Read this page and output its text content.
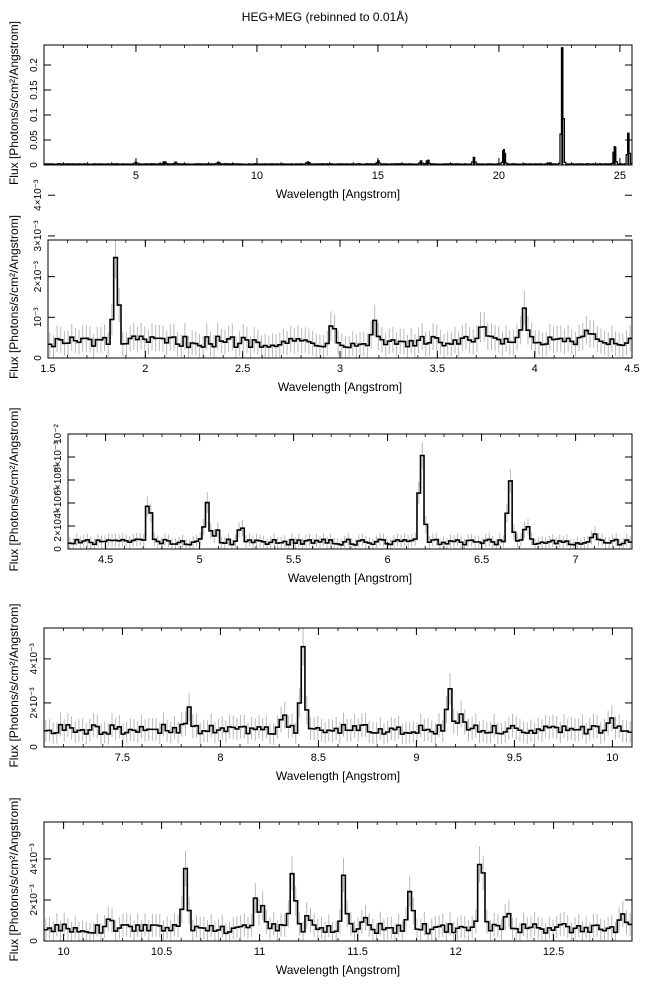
HEG+MEG (rebinned to 0.01Å)
5	10	15	20	25
0
0.05
0.1
0.15
0.2
Wavelength [Angstrom]
Flux [Photons/s/cm²/Angstrom]
1.5	2	2.5	3	3.5	4	4.5
0
10⁻³
2×10⁻³
3×10⁻³
4×10⁻³
Wavelength [Angstrom]
Flux [Photons/s/cm²/Angstrom]
4.5	5	5.5	6	6.5	7
0
2×10⁻³
4×10⁻³
6×10⁻³
8×10⁻³
10⁻²
Wavelength [Angstrom]
Flux [Photons/s/cm²/Angstrom]
7.5	8	8.5	9	9.5	10
0
2×10⁻³
4×10⁻³
Wavelength [Angstrom]
Flux [Photons/s/cm²/Angstrom]
10	10.5	11	11.5	12	12.5
0
2×10⁻³
4×10⁻³
Wavelength [Angstrom]
Flux [Photons/s/cm²/Angstrom]
